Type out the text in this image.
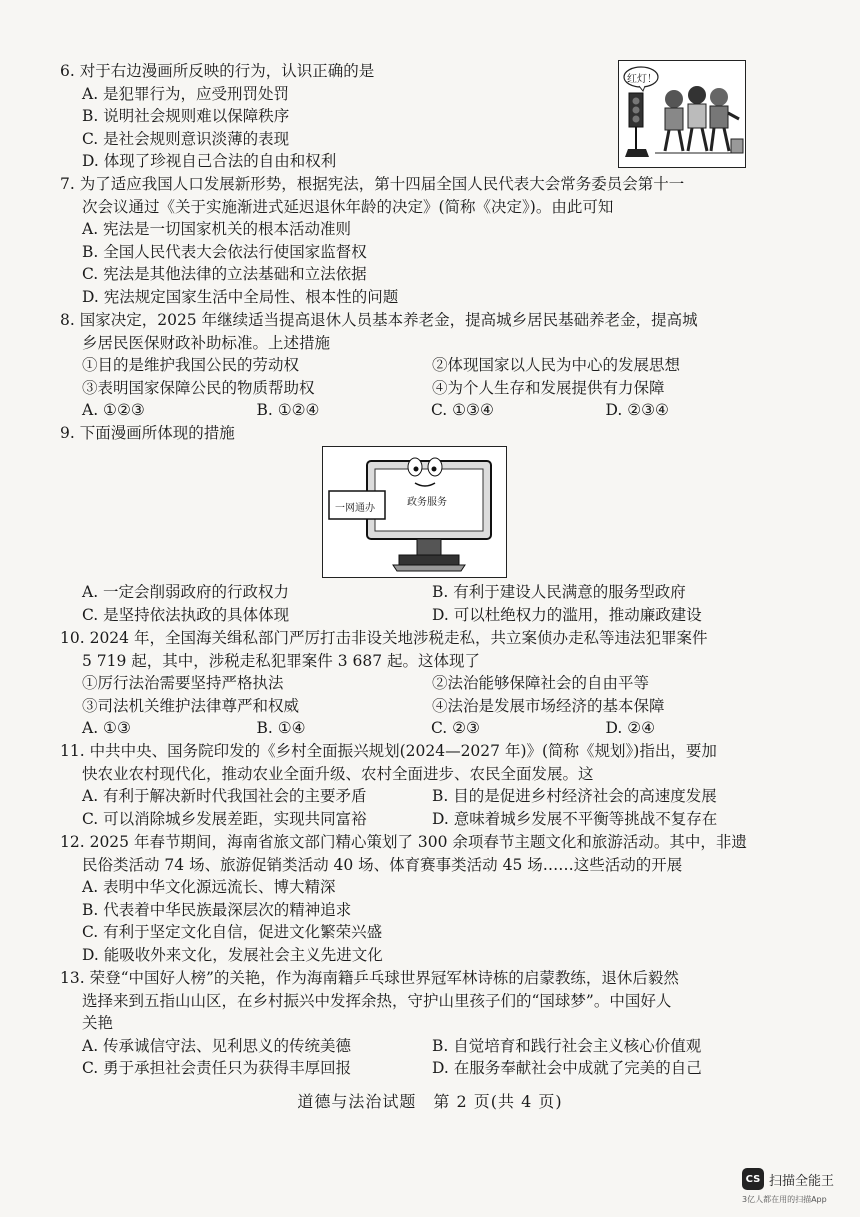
6. 对于右边漫画所反映的行为，认识正确的是
A. 是犯罪行为，应受刑罚处罚
B. 说明社会规则难以保障秩序
C. 是社会规则意识淡薄的表现
D. 体现了珍视自己合法的自由和权利
红灯！
7. 为了适应我国人口发展新形势，根据宪法，第十四届全国人民代表大会常务委员会第十一
次会议通过《关于实施渐进式延迟退休年龄的决定》(简称《决定》)。由此可知
A. 宪法是一切国家机关的根本活动准则
B. 全国人民代表大会依法行使国家监督权
C. 宪法是其他法律的立法基础和立法依据
D. 宪法规定国家生活中全局性、根本性的问题
8. 国家决定，2025 年继续适当提高退休人员基本养老金，提高城乡居民基础养老金，提高城
乡居民医保财政补助标准。上述措施
①目的是维护我国公民的劳动权	②体现国家以人民为中心的发展思想
③表明国家保障公民的物质帮助权	④为个人生存和发展提供有力保障
A. ①②③	B. ①②④	C. ①③④	D. ②③④
9. 下面漫画所体现的措施
一网通办
政务服务
A. 一定会削弱政府的行政权力	B. 有利于建设人民满意的服务型政府
C. 是坚持依法执政的具体体现	D. 可以杜绝权力的滥用，推动廉政建设
10. 2024 年，全国海关缉私部门严厉打击非设关地涉税走私，共立案侦办走私等违法犯罪案件
5 719 起，其中，涉税走私犯罪案件 3 687 起。这体现了
①厉行法治需要坚持严格执法	②法治能够保障社会的自由平等
③司法机关维护法律尊严和权威	④法治是发展市场经济的基本保障
A. ①③	B. ①④	C. ②③	D. ②④
11. 中共中央、国务院印发的《乡村全面振兴规划(2024—2027 年)》(简称《规划》)指出，要加
快农业农村现代化，推动农业全面升级、农村全面进步、农民全面发展。这
A. 有利于解决新时代我国社会的主要矛盾	B. 目的是促进乡村经济社会的高速度发展
C. 可以消除城乡发展差距，实现共同富裕	D. 意味着城乡发展不平衡等挑战不复存在
12. 2025 年春节期间，海南省旅文部门精心策划了 300 余项春节主题文化和旅游活动。其中，非遗
民俗类活动 74 场、旅游促销类活动 40 场、体育赛事类活动 45 场……这些活动的开展
A. 表明中华文化源远流长、博大精深
B. 代表着中华民族最深层次的精神追求
C. 有利于坚定文化自信，促进文化繁荣兴盛
D. 能吸收外来文化，发展社会主义先进文化
13. 荣登“中国好人榜”的关艳，作为海南籍乒乓球世界冠军林诗栋的启蒙教练，退休后毅然
选择来到五指山山区，在乡村振兴中发挥余热，守护山里孩子们的“国球梦”。中国好人
关艳
A. 传承诚信守法、见利思义的传统美德	B. 自觉培育和践行社会主义核心价值观
C. 勇于承担社会责任只为获得丰厚回报	D. 在服务奉献社会中成就了完美的自己
道德与法治试题　第 2 页(共 4 页)
CS 扫描全能王
3亿人都在用的扫描App
